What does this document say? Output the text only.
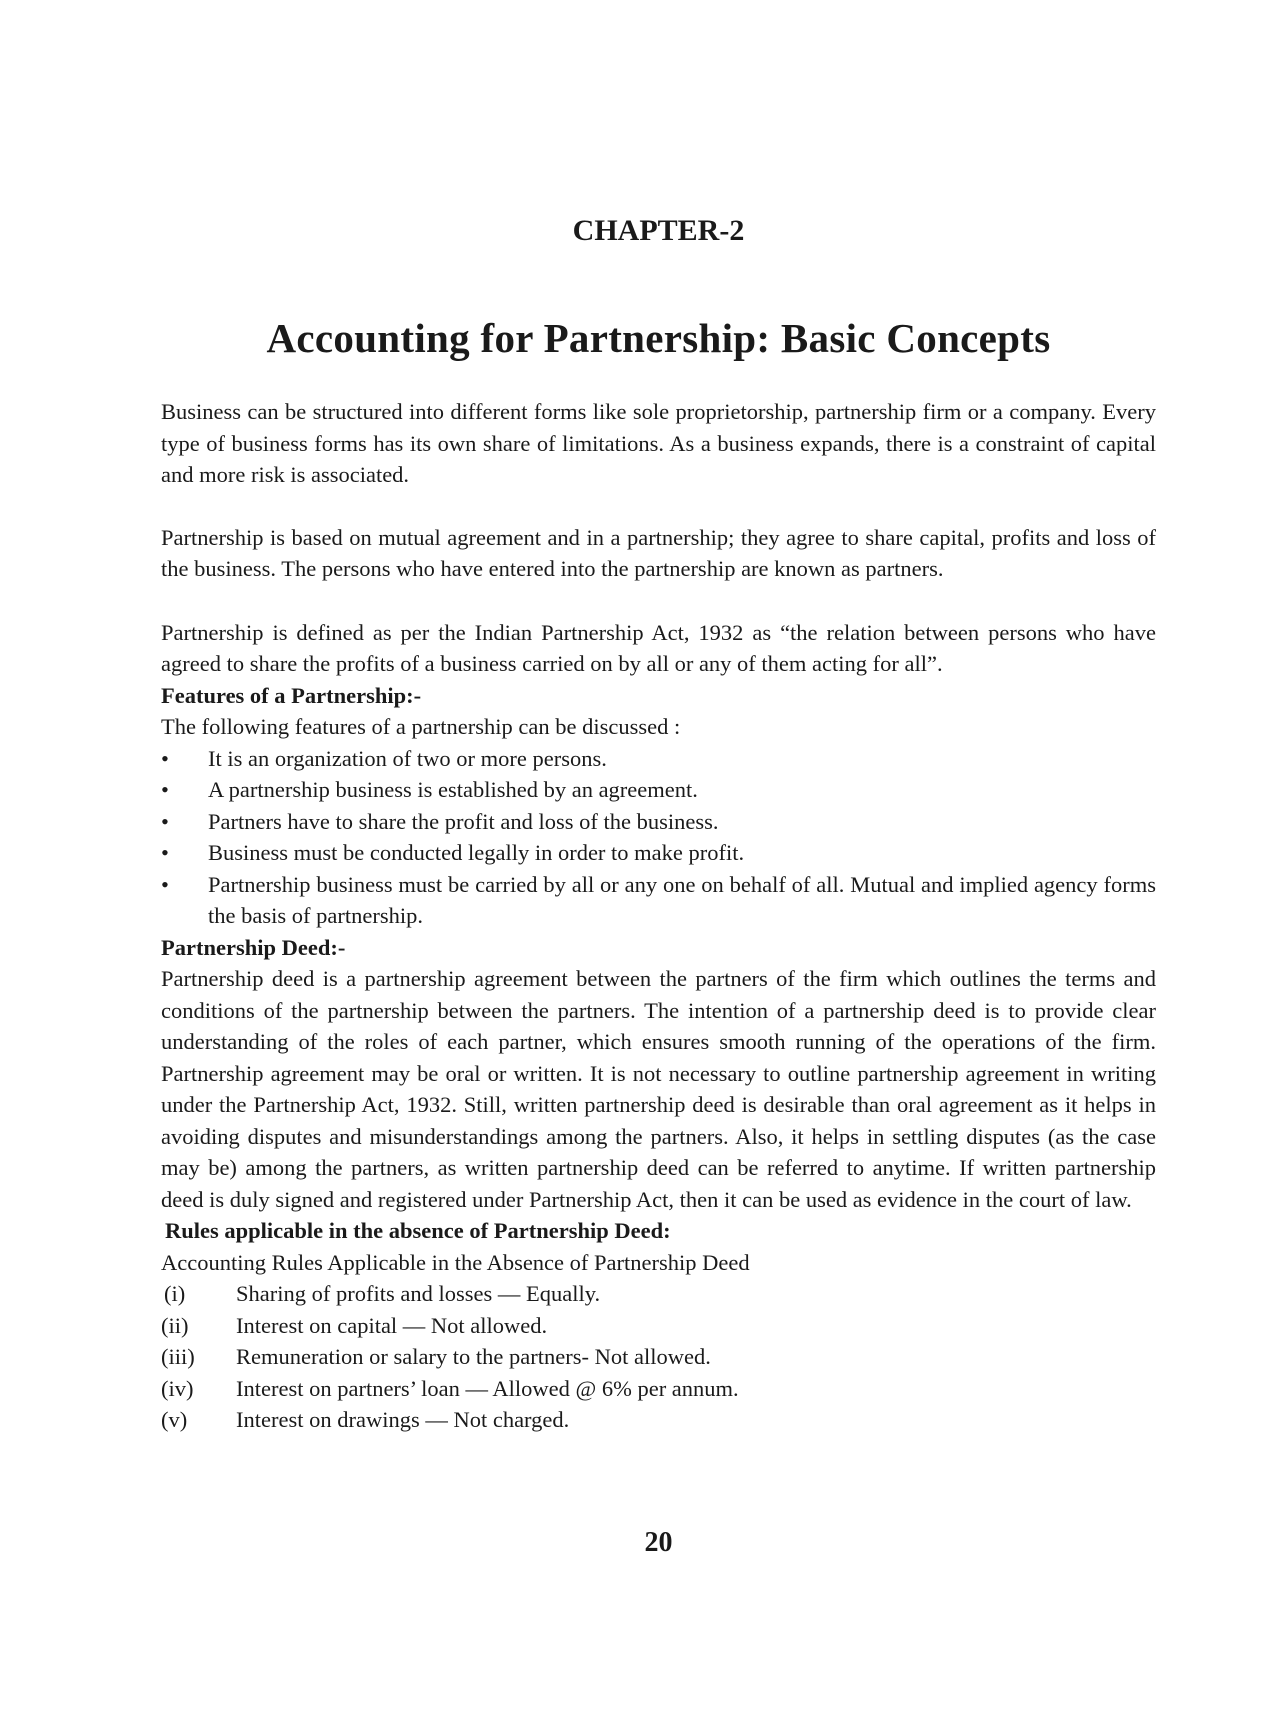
CHAPTER-2
Accounting for Partnership: Basic Concepts

Business can be structured into different forms like sole proprietorship, partnership firm or a company. Every type of business forms has its own share of limitations. As a business expands, there is a constraint of capital and more risk is associated.

Partnership is based on mutual agreement and in a partnership; they agree to share capital, profits and loss of the business. The persons who have entered into the partnership are known as partners.

Partnership is defined as per the Indian Partnership Act, 1932 as “the relation between persons who have agreed to share the profits of a business carried on by all or any of them acting for all”.

Features of a Partnership:-
The following features of a partnership can be discussed :
• It is an organization of two or more persons.
• A partnership business is established by an agreement.
• Partners have to share the profit and loss of the business.
• Business must be conducted legally in order to make profit.
• Partnership business must be carried by all or any one on behalf of all. Mutual and implied agency forms the basis of partnership.
Partnership Deed:-

Partnership deed is a partnership agreement between the partners of the firm which outlines the terms and conditions of the partnership between the partners. The intention of a partnership deed is to provide clear understanding of the roles of each partner, which ensures smooth running of the operations of the firm. Partnership agreement may be oral or written. It is not necessary to outline partnership agreement in writing under the Partnership Act, 1932. Still, written partnership deed is desirable than oral agreement as it helps in avoiding disputes and misunderstandings among the partners. Also, it helps in settling disputes (as the case may be) among the partners, as written partnership deed can be referred to anytime. If written partnership deed is duly signed and registered under Partnership Act, then it can be used as evidence in the court of law.

Rules applicable in the absence of Partnership Deed:
Accounting Rules Applicable in the Absence of Partnership Deed
(i) Sharing of profits and losses — Equally.
(ii) Interest on capital — Not allowed.
(iii) Remuneration or salary to the partners- Not allowed.
(iv) Interest on partners’ loan — Allowed @ 6% per annum.
(v) Interest on drawings — Not charged.
20
